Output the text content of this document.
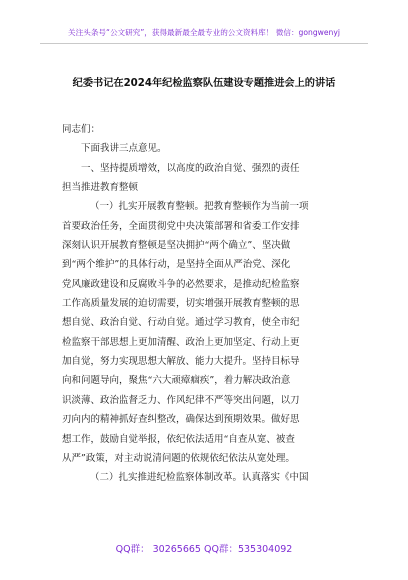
关注头条号“公文研究”，获得最新最全最专业的公文资料库！ 微信：gongwenyj
纪委书记在2024年纪检监察队伍建设专题推进会上的讲话
同志们：
下面我讲三点意见。
一、坚持提质增效，以高度的政治自觉、强烈的责任
担当推进教育整顿
（一）扎实开展教育整顿。把教育整顿作为当前一项
首要政治任务，全面贯彻党中央决策部署和省委工作安排
深刻认识开展教育整顿是坚决拥护“两个确立”、坚决做
到“两个维护”的具体行动，是坚持全面从严治党、深化
党风廉政建设和反腐败斗争的必然要求，是推动纪检监察
工作高质量发展的迫切需要，切实增强开展教育整顿的思
想自觉、政治自觉、行动自觉。通过学习教育，使全市纪
检监察干部思想上更加清醒、政治上更加坚定、行动上更
加自觉，努力实现思想大解放、能力大提升。坚持目标导
向和问题导向，聚焦“六大顽瘴痼疾”，着力解决政治意
识淡薄、政治监督乏力、作风纪律不严等突出问题，以刀
刃向内的精神抓好查纠整改，确保达到预期效果。做好思
想工作，鼓励自觉举报，依纪依法适用“自查从宽、被查
从严”政策，对主动说清问题的依规依纪依法从宽处理。
（二）扎实推进纪检监察体制改革。认真落实《中国
QQ群： 30265665 QQ群：535304092
